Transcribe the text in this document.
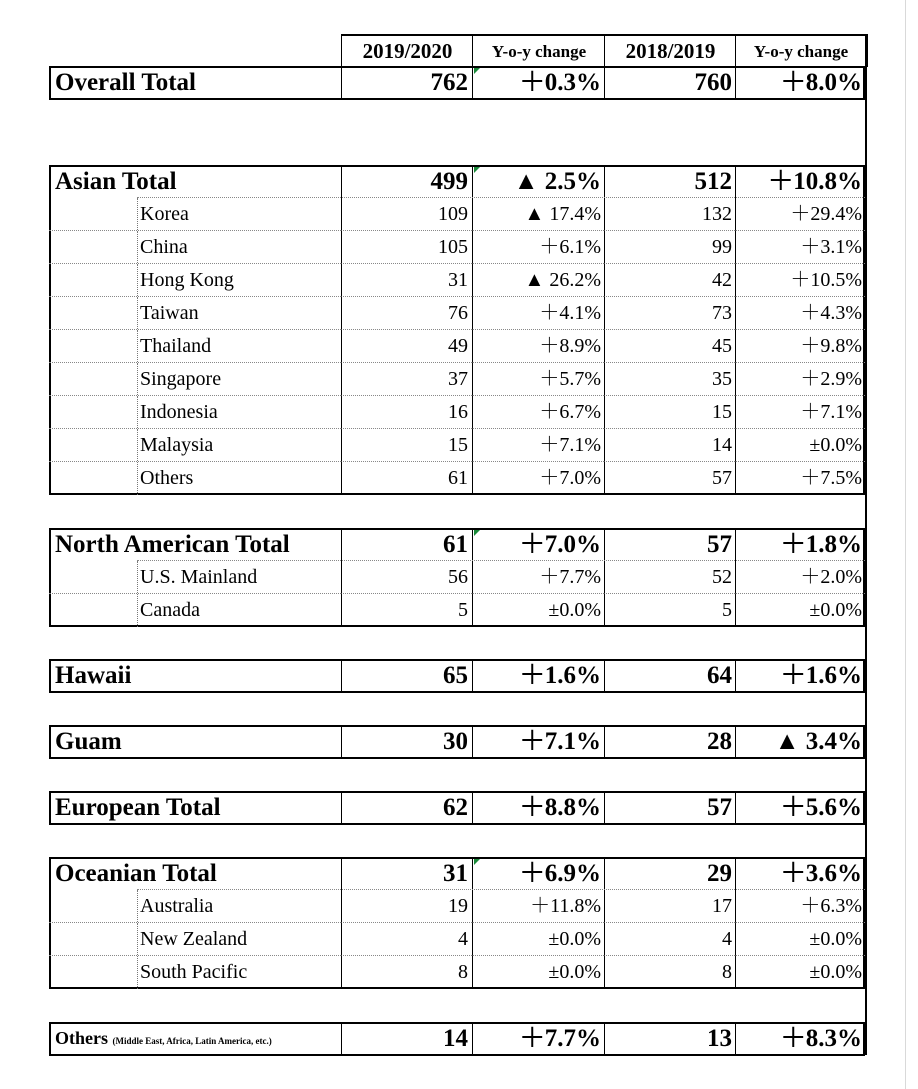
2019/2020	Y-o-y change	2018/2019	Y-o-y change
Overall Total	762	＋0.3%	760	＋8.0%
Asian Total	499	▲ 2.5%	512	＋10.8%
Korea	109	▲ 17.4%	132	＋29.4%
China	105	＋6.1%	99	＋3.1%
Hong Kong	31	▲ 26.2%	42	＋10.5%
Taiwan	76	＋4.1%	73	＋4.3%
Thailand	49	＋8.9%	45	＋9.8%
Singapore	37	＋5.7%	35	＋2.9%
Indonesia	16	＋6.7%	15	＋7.1%
Malaysia	15	＋7.1%	14	±0.0%
Others	61	＋7.0%	57	＋7.5%
North American Total	61	＋7.0%	57	＋1.8%
U.S. Mainland	56	＋7.7%	52	＋2.0%
Canada	5	±0.0%	5	±0.0%
Hawaii	65	＋1.6%	64	＋1.6%
Guam	30	＋7.1%	28	▲ 3.4%
European Total	62	＋8.8%	57	＋5.6%
Oceanian Total	31	＋6.9%	29	＋3.6%
Australia	19	＋11.8%	17	＋6.3%
New Zealand	4	±0.0%	4	±0.0%
South Pacific	8	±0.0%	8	±0.0%
Others (Middle East, Africa, Latin America, etc.)	14	＋7.7%	13	＋8.3%
